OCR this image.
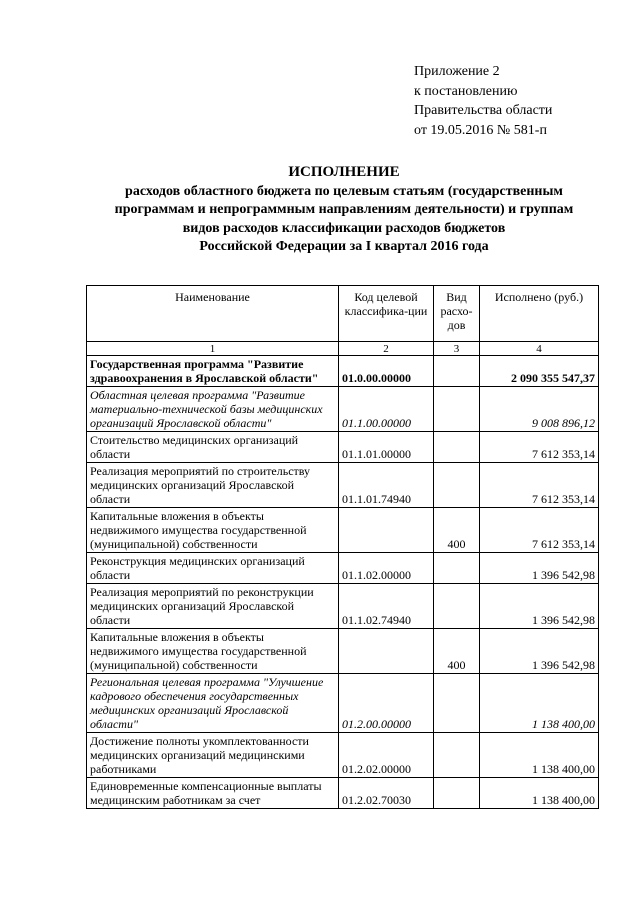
Приложение 2
к постановлению
Правительства области
от 19.05.2016 № 581-п
ИСПОЛНЕНИЕ
расходов областного бюджета по целевым статьям (государственным
программам и непрограммным направлениям деятельности) и группам
видов расходов классификации расходов бюджетов
Российской Федерации за I квартал 2016 года
Наименование	Код целевой классифика-ции	Вид расхо-дов	Исполнено (руб.)
1	2	3	4
Государственная программа "Развитие здравоохранения в Ярославской области"	01.0.00.00000		2 090 355 547,37
Областная целевая программа "Развитие материально-технической базы медицинских организаций Ярославской области"	01.1.00.00000		9 008 896,12
Стоительство медицинских организаций области	01.1.01.00000		7 612 353,14
Реализация мероприятий по строительству медицинских организаций Ярославской области	01.1.01.74940		7 612 353,14
Капитальные вложения в объекты недвижимого имущества государственной (муниципальной) собственности		400	7 612 353,14
Реконструкция медицинских организаций области	01.1.02.00000		1 396 542,98
Реализация мероприятий по реконструкции медицинских организаций Ярославской области	01.1.02.74940		1 396 542,98
Капитальные вложения в объекты недвижимого имущества государственной (муниципальной) собственности		400	1 396 542,98
Региональная целевая программа "Улучшение кадрового обеспечения государственных медицинских организаций Ярославской области"	01.2.00.00000		1 138 400,00
Достижение полноты укомплектованности медицинских организаций медицинскими работниками	01.2.02.00000		1 138 400,00
Единовременные компенсационные выплаты медицинским работникам за счет	01.2.02.70030		1 138 400,00
